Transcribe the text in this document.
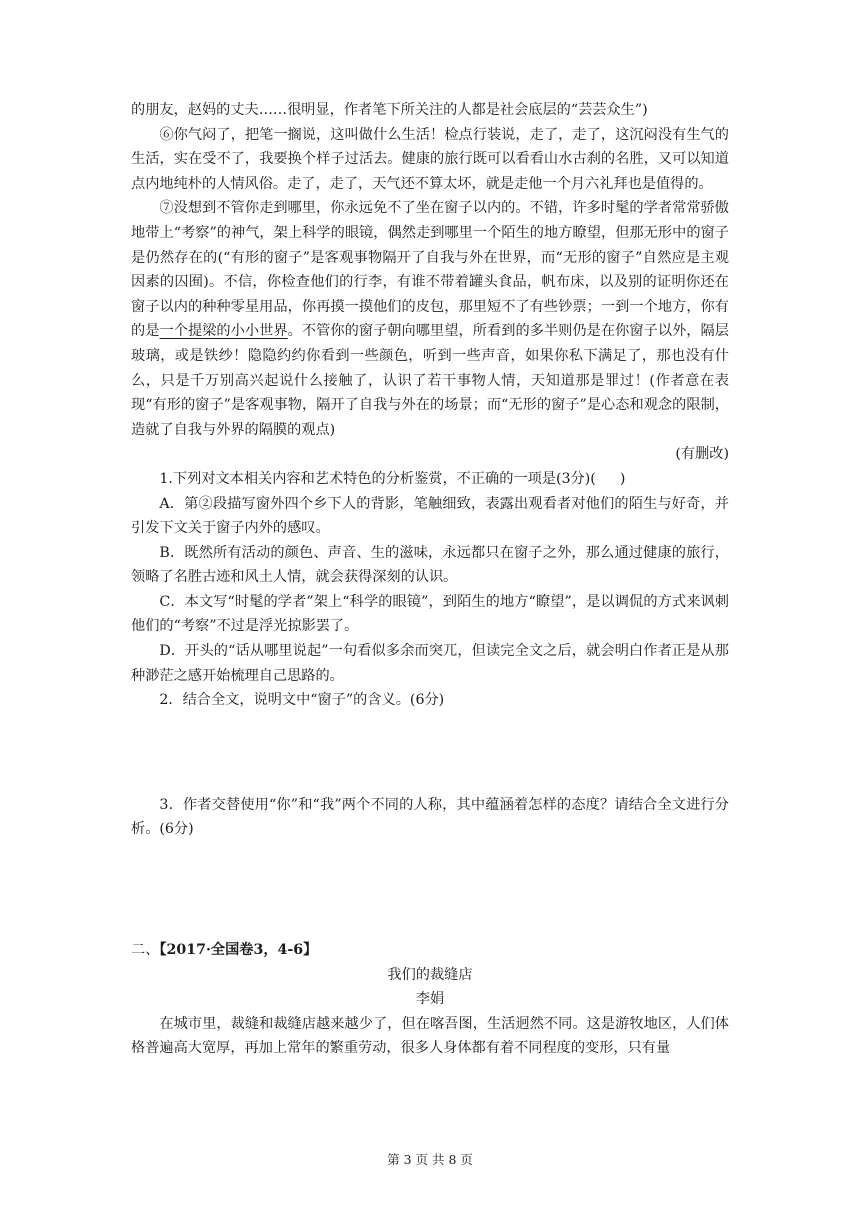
的朋友，赵妈的丈夫……很明显，作者笔下所关注的人都是社会底层的“芸芸众生”)

⑥你气闷了，把笔一搁说，这叫做什么生活！检点行装说，走了，走了，这沉闷没有生气的生活，实在受不了，我要换个样子过活去。健康的旅行既可以看看山水古刹的名胜，又可以知道点内地纯朴的人情风俗。走了，走了，天气还不算太坏，就是走他一个月六礼拜也是值得的。

⑦没想到不管你走到哪里，你永远免不了坐在窗子以内的。不错，许多时髦的学者常常骄傲地带上“考察”的神气，架上科学的眼镜，偶然走到哪里一个陌生的地方瞭望，但那无形中的窗子是仍然存在的(“有形的窗子”是客观事物隔开了自我与外在世界，而“无形的窗子”自然应是主观因素的囚囿)。不信，你检查他们的行李，有谁不带着罐头食品，帆布床，以及别的证明你还在窗子以内的种种零星用品，你再摸一摸他们的皮包，那里短不了有些钞票；一到一个地方，你有的是一个提梁的小小世界。不管你的窗子朝向哪里望，所看到的多半则仍是在你窗子以外，隔层玻璃，或是铁纱！隐隐约约你看到一些颜色，听到一些声音，如果你私下满足了，那也没有什么，只是千万别高兴起说什么接触了，认识了若干事物人情，天知道那是罪过！(作者意在表现“有形的窗子”是客观事物，隔开了自我与外在的场景；而“无形的窗子”是心态和观念的限制，造就了自我与外界的隔膜的观点)

(有删改)

1.下列对文本相关内容和艺术特色的分析鉴赏，不正确的一项是(3分)( )

A．第②段描写窗外四个乡下人的背影，笔触细致，表露出观看者对他们的陌生与好奇，并引发下文关于窗子内外的感叹。

B．既然所有活动的颜色、声音、生的滋味，永远都只在窗子之外，那么通过健康的旅行，领略了名胜古迹和风土人情，就会获得深刻的认识。

C．本文写“时髦的学者”架上“科学的眼镜”，到陌生的地方“瞭望”，是以调侃的方式来讽刺他们的“考察”不过是浮光掠影罢了。

D．开头的“话从哪里说起”一句看似多余而突兀，但读完全文之后，就会明白作者正是从那种渺茫之感开始梳理自己思路的。

2．结合全文，说明文中“窗子”的含义。(6分)

3．作者交替使用“你”和“我”两个不同的人称，其中蕴涵着怎样的态度？请结合全文进行分析。(6分)

二、【2017·全国卷3，4-6】

我们的裁缝店

李娟

在城市里，裁缝和裁缝店越来越少了，但在喀吾图，生活迥然不同。这是游牧地区，人们体格普遍高大宽厚，再加上常年的繁重劳动，很多人身体都有着不同程度的变形，只有量

第 3 页 共 8 页
